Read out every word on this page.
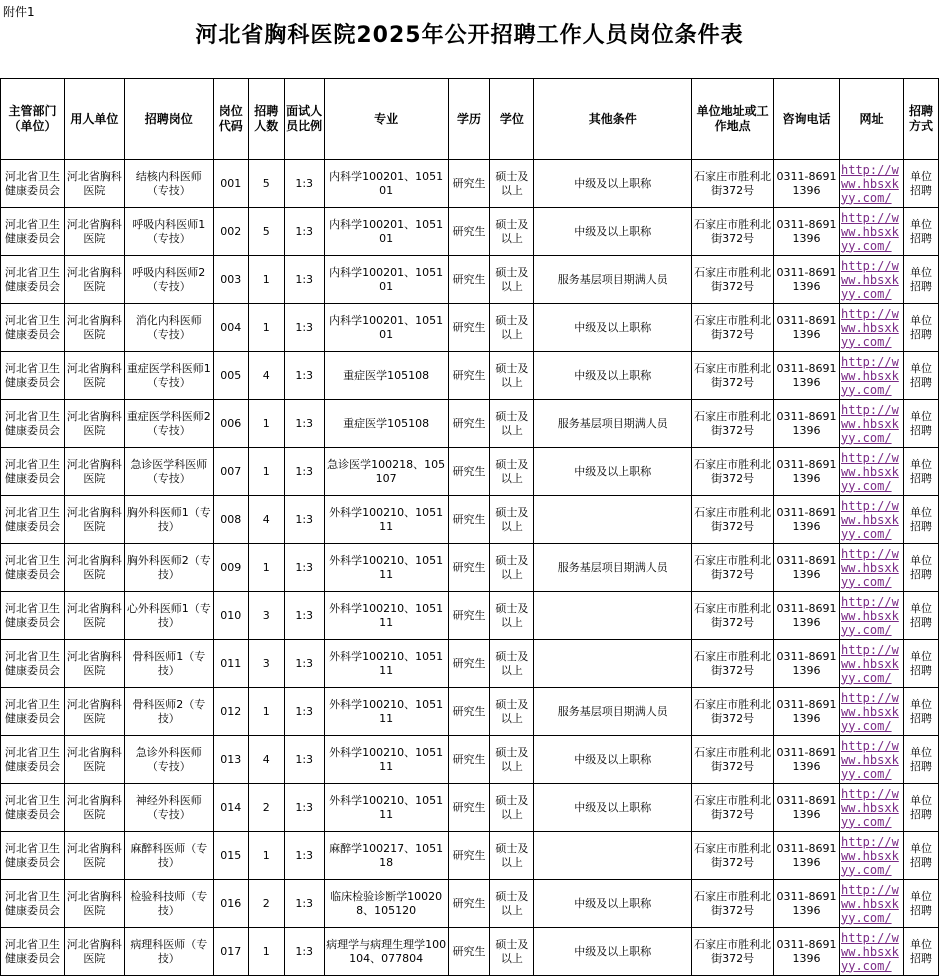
附件1
河北省胸科医院2025年公开招聘工作人员岗位条件表
主管部门（单位）	用人单位	招聘岗位	岗位代码	招聘人数	面试人员比例	专业	学历	学位	其他条件	单位地址或工作地点	咨询电话	网址	招聘方式
河北省卫生健康委员会	河北省胸科医院	结核内科医师（专技）	001	5	1:3	内科学100201、105101	研究生	硕士及以上	中级及以上职称	石家庄市胜利北街372号	0311-86911396	http://www.hbsxkyy.com/	单位招聘
河北省卫生健康委员会	河北省胸科医院	呼吸内科医师1（专技）	002	5	1:3	内科学100201、105101	研究生	硕士及以上	中级及以上职称	石家庄市胜利北街372号	0311-86911396	http://www.hbsxkyy.com/	单位招聘
河北省卫生健康委员会	河北省胸科医院	呼吸内科医师2（专技）	003	1	1:3	内科学100201、105101	研究生	硕士及以上	服务基层项目期满人员	石家庄市胜利北街372号	0311-86911396	http://www.hbsxkyy.com/	单位招聘
河北省卫生健康委员会	河北省胸科医院	消化内科医师（专技）	004	1	1:3	内科学100201、105101	研究生	硕士及以上	中级及以上职称	石家庄市胜利北街372号	0311-86911396	http://www.hbsxkyy.com/	单位招聘
河北省卫生健康委员会	河北省胸科医院	重症医学科医师1（专技）	005	4	1:3	重症医学105108	研究生	硕士及以上	中级及以上职称	石家庄市胜利北街372号	0311-86911396	http://www.hbsxkyy.com/	单位招聘
河北省卫生健康委员会	河北省胸科医院	重症医学科医师2（专技）	006	1	1:3	重症医学105108	研究生	硕士及以上	服务基层项目期满人员	石家庄市胜利北街372号	0311-86911396	http://www.hbsxkyy.com/	单位招聘
河北省卫生健康委员会	河北省胸科医院	急诊医学科医师（专技）	007	1	1:3	急诊医学100218、105107	研究生	硕士及以上	中级及以上职称	石家庄市胜利北街372号	0311-86911396	http://www.hbsxkyy.com/	单位招聘
河北省卫生健康委员会	河北省胸科医院	胸外科医师1（专技）	008	4	1:3	外科学100210、105111	研究生	硕士及以上		石家庄市胜利北街372号	0311-86911396	http://www.hbsxkyy.com/	单位招聘
河北省卫生健康委员会	河北省胸科医院	胸外科医师2（专技）	009	1	1:3	外科学100210、105111	研究生	硕士及以上	服务基层项目期满人员	石家庄市胜利北街372号	0311-86911396	http://www.hbsxkyy.com/	单位招聘
河北省卫生健康委员会	河北省胸科医院	心外科医师1（专技）	010	3	1:3	外科学100210、105111	研究生	硕士及以上		石家庄市胜利北街372号	0311-86911396	http://www.hbsxkyy.com/	单位招聘
河北省卫生健康委员会	河北省胸科医院	骨科医师1（专技）	011	3	1:3	外科学100210、105111	研究生	硕士及以上		石家庄市胜利北街372号	0311-86911396	http://www.hbsxkyy.com/	单位招聘
河北省卫生健康委员会	河北省胸科医院	骨科医师2（专技）	012	1	1:3	外科学100210、105111	研究生	硕士及以上	服务基层项目期满人员	石家庄市胜利北街372号	0311-86911396	http://www.hbsxkyy.com/	单位招聘
河北省卫生健康委员会	河北省胸科医院	急诊外科医师（专技）	013	4	1:3	外科学100210、105111	研究生	硕士及以上	中级及以上职称	石家庄市胜利北街372号	0311-86911396	http://www.hbsxkyy.com/	单位招聘
河北省卫生健康委员会	河北省胸科医院	神经外科医师（专技）	014	2	1:3	外科学100210、105111	研究生	硕士及以上	中级及以上职称	石家庄市胜利北街372号	0311-86911396	http://www.hbsxkyy.com/	单位招聘
河北省卫生健康委员会	河北省胸科医院	麻醉科医师（专技）	015	1	1:3	麻醉学100217、105118	研究生	硕士及以上		石家庄市胜利北街372号	0311-86911396	http://www.hbsxkyy.com/	单位招聘
河北省卫生健康委员会	河北省胸科医院	检验科技师（专技）	016	2	1:3	临床检验诊断学100208、105120	研究生	硕士及以上	中级及以上职称	石家庄市胜利北街372号	0311-86911396	http://www.hbsxkyy.com/	单位招聘
河北省卫生健康委员会	河北省胸科医院	病理科医师（专技）	017	1	1:3	病理学与病理生理学100104、077804	研究生	硕士及以上	中级及以上职称	石家庄市胜利北街372号	0311-86911396	http://www.hbsxkyy.com/	单位招聘
